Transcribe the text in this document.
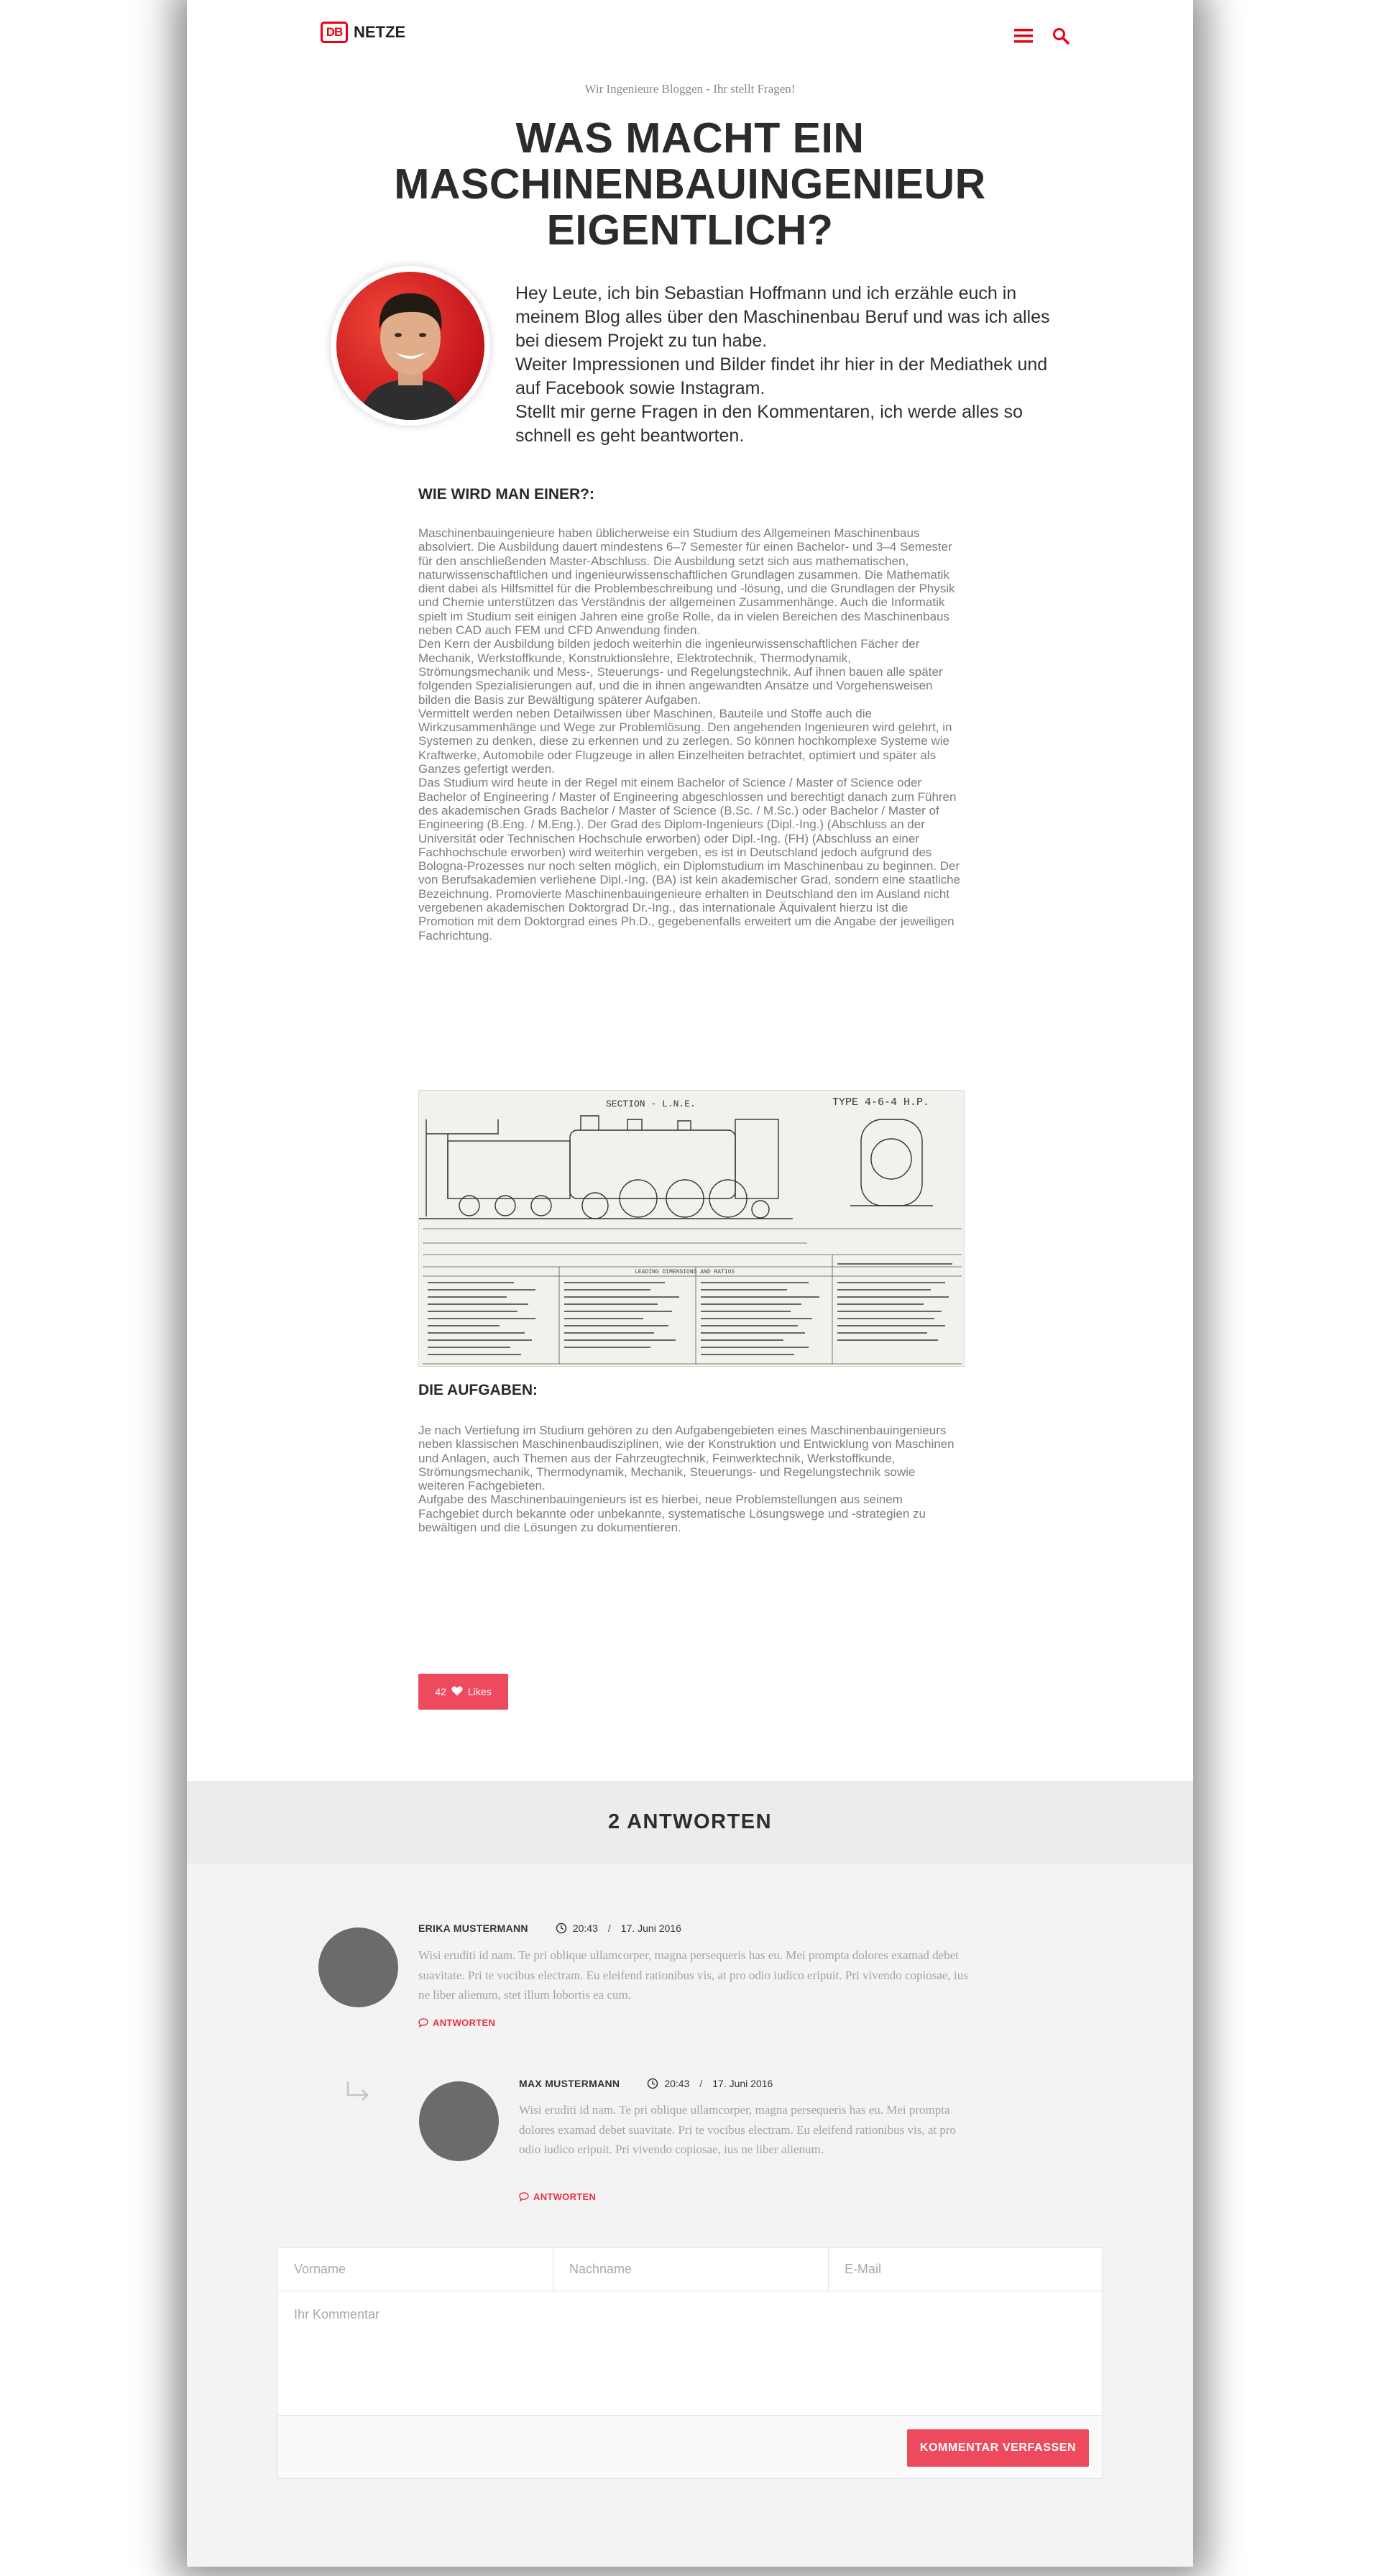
DB NETZE
Wir Ingenieure Bloggen - Ihr stellt Fragen!
WAS MACHT EIN MASCHINENBAUINGENIEUR EIGENTLICH?
Hey Leute, ich bin Sebastian Hoffmann und ich erzähle euch in meinem Blog alles über den Maschinenbau Beruf und was ich alles bei diesem Projekt zu tun habe.
Weiter Impressionen und Bilder findet ihr hier in der Mediathek und auf Facebook sowie Instagram.
Stellt mir gerne Fragen in den Kommentaren, ich werde alles so schnell es geht beantworten.
WIE WIRD MAN EINER?:

Maschinenbauingenieure haben üblicherweise ein Studium des Allgemeinen Maschinenbaus absolviert. Die Ausbildung dauert mindestens 6–7 Semester für einen Bachelor- und 3–4 Semester für den anschließenden Master-Abschluss. Die Ausbildung setzt sich aus mathematischen, naturwissenschaftlichen und ingenieurwissenschaftlichen Grundlagen zusammen. Die Mathematik dient dabei als Hilfsmittel für die Problembeschreibung und -lösung, und die Grundlagen der Physik und Chemie unterstützen das Verständnis der allgemeinen Zusammenhänge. Auch die Informatik spielt im Studium seit einigen Jahren eine große Rolle, da in vielen Bereichen des Maschinenbaus neben CAD auch FEM und CFD Anwendung finden.

Den Kern der Ausbildung bilden jedoch weiterhin die ingenieurwissenschaftlichen Fächer der Mechanik, Werkstoffkunde, Konstruktionslehre, Elektrotechnik, Thermodynamik, Strömungsmechanik und Mess-, Steuerungs- und Regelungstechnik. Auf ihnen bauen alle später folgenden Spezialisierungen auf, und die in ihnen angewandten Ansätze und Vorgehensweisen bilden die Basis zur Bewältigung späterer Aufgaben.

Vermittelt werden neben Detailwissen über Maschinen, Bauteile und Stoffe auch die Wirkzusammenhänge und Wege zur Problemlösung. Den angehenden Ingenieuren wird gelehrt, in Systemen zu denken, diese zu erkennen und zu zerlegen. So können hochkomplexe Systeme wie Kraftwerke, Automobile oder Flugzeuge in allen Einzelheiten betrachtet, optimiert und später als Ganzes gefertigt werden.

Das Studium wird heute in der Regel mit einem Bachelor of Science / Master of Science oder Bachelor of Engineering / Master of Engineering abgeschlossen und berechtigt danach zum Führen des akademischen Grads Bachelor / Master of Science (B.Sc. / M.Sc.) oder Bachelor / Master of Engineering (B.Eng. / M.Eng.). Der Grad des Diplom-Ingenieurs (Dipl.-Ing.) (Abschluss an der Universität oder Technischen Hochschule erworben) oder Dipl.-Ing. (FH) (Abschluss an einer Fachhochschule erworben) wird weiterhin vergeben, es ist in Deutschland jedoch aufgrund des Bologna-Prozesses nur noch selten möglich, ein Diplomstudium im Maschinenbau zu beginnen. Der von Berufsakademien verliehene Dipl.-Ing. (BA) ist kein akademischer Grad, sondern eine staatliche Bezeichnung. Promovierte Maschinenbauingenieure erhalten in Deutschland den im Ausland nicht vergebenen akademischen Doktorgrad Dr.-Ing., das internationale Äquivalent hierzu ist die Promotion mit dem Doktorgrad eines Ph.D., gegebenenfalls erweitert um die Angabe der jeweiligen Fachrichtung.

SECTION - L.N.E.	TYPE 4-6-4 H.P.
LEADING DIMENSIONS AND RATIOS
DIE AUFGABEN:

Je nach Vertiefung im Studium gehören zu den Aufgabengebieten eines Maschinenbauingenieurs neben klassischen Maschinenbaudisziplinen, wie der Konstruktion und Entwicklung von Maschinen und Anlagen, auch Themen aus der Fahrzeugtechnik, Feinwerktechnik, Werkstoffkunde, Strömungsmechanik, Thermodynamik, Mechanik, Steuerungs- und Regelungstechnik sowie weiteren Fachgebieten.

Aufgabe des Maschinenbauingenieurs ist es hierbei, neue Problemstellungen aus seinem Fachgebiet durch bekannte oder unbekannte, systematische Lösungswege und -strategien zu bewältigen und die Lösungen zu dokumentieren.

42 Likes
2 ANTWORTEN
ERIKA MUSTERMANN	20:43 / 17. Juni 2016

Wisi eruditi id nam. Te pri oblique ullamcorper, magna persequeris has eu. Mei prompta dolores examad debet suavitate. Pri te vocibus electram. Eu eleifend rationibus vis, at pro odio iudico eripuit. Pri vivendo copiosae, ius ne liber alienum, stet illum lobortis ea cum.

ANTWORTEN
MAX MUSTERMANN	20:43 / 17. Juni 2016

Wisi eruditi id nam. Te pri oblique ullamcorper, magna persequeris has eu. Mei prompta dolores examad debet suavitate. Pri te vocibus electram. Eu eleifend rationibus vis, at pro odio iudico eripuit. Pri vivendo copiosae, ius ne liber alienum.

ANTWORTEN
Vorname
Nachname
E-Mail
Ihr Kommentar
KOMMENTAR VERFASSEN
